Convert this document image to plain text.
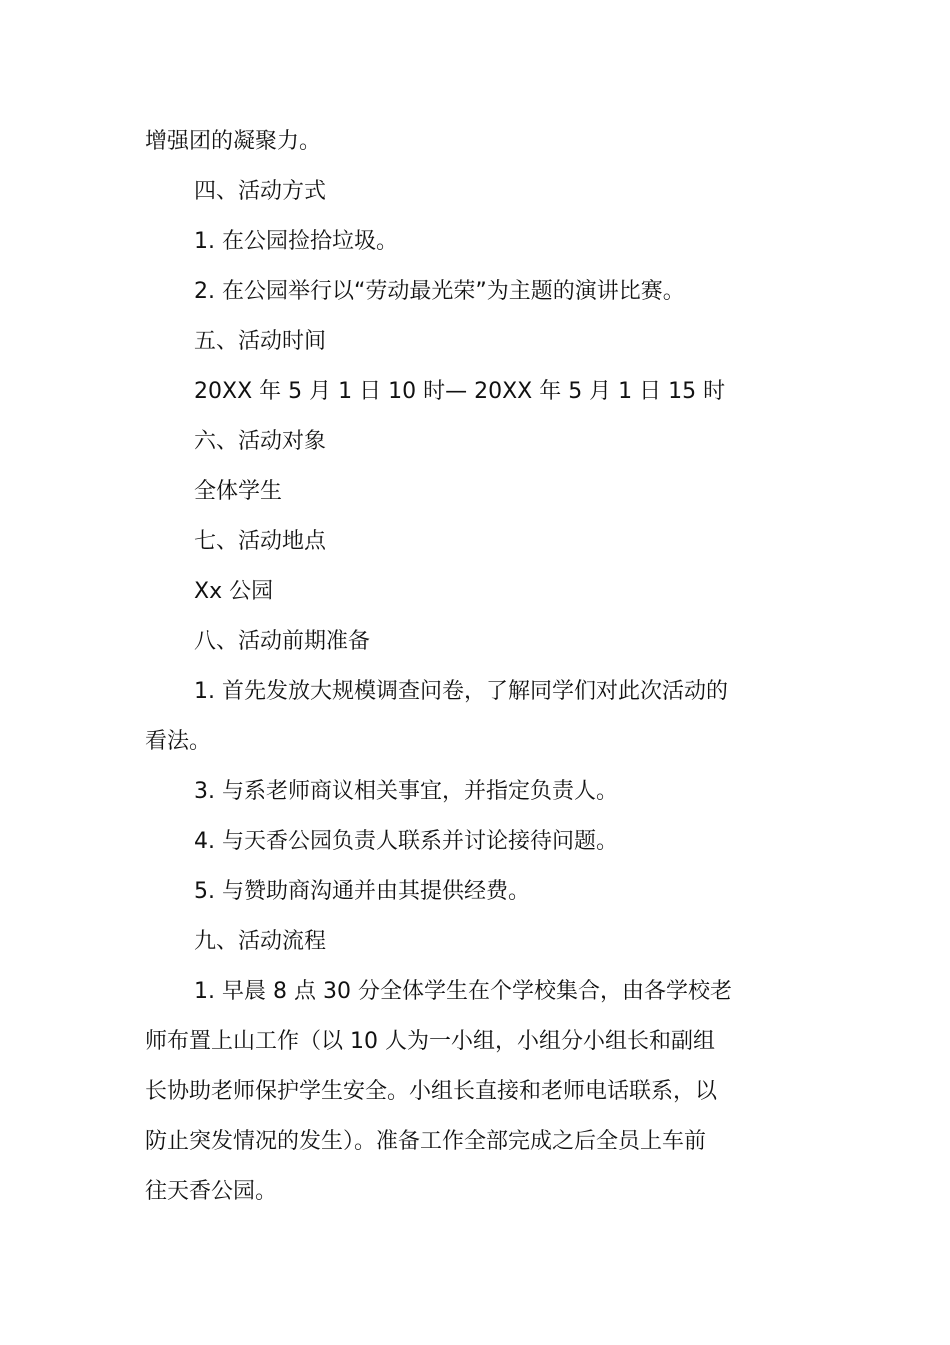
增强团的凝聚力。

四、活动方式

1. 在公园捡拾垃圾。

2. 在公园举行以“劳动最光荣”为主题的演讲比赛。

五、活动时间

20XX 年 5 月 1 日 10 时— 20XX 年 5 月 1 日 15 时

六、活动对象

全体学生

七、活动地点

Xx 公园

八、活动前期准备

1. 首先发放大规模调查问卷，了解同学们对此次活动的

看法。

3. 与系老师商议相关事宜，并指定负责人。

4. 与天香公园负责人联系并讨论接待问题。

5. 与赞助商沟通并由其提供经费。

九、活动流程

1. 早晨 8 点 30 分全体学生在个学校集合，由各学校老

师布置上山工作（以 10 人为一小组，小组分小组长和副组

长协助老师保护学生安全。小组长直接和老师电话联系，以

防止突发情况的发生）。准备工作全部完成之后全员上车前

往天香公园。
